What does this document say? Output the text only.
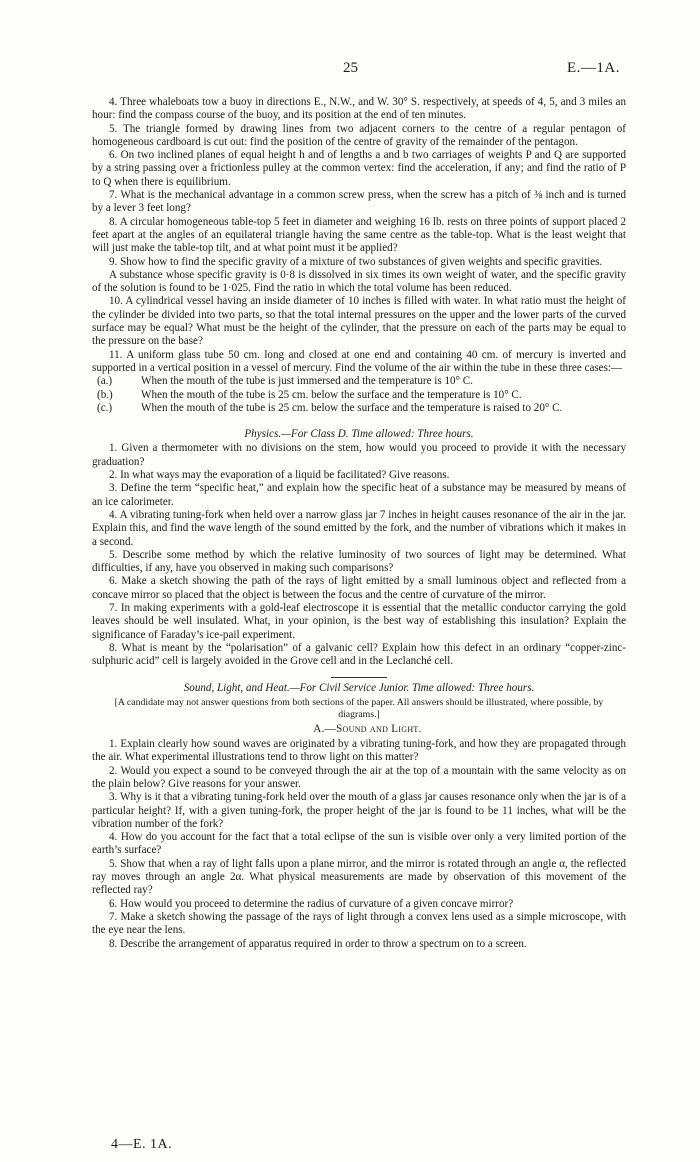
25	E.—1A.

4. Three whaleboats tow a buoy in directions E., N.W., and W. 30° S. respectively, at speeds of 4, 5, and 3 miles an hour: find the compass course of the buoy, and its position at the end of ten minutes.

5. The triangle formed by drawing lines from two adjacent corners to the centre of a regular pentagon of homogeneous cardboard is cut out: find the position of the centre of gravity of the remainder of the pentagon.

6. On two inclined planes of equal height h and of lengths a and b two carriages of weights P and Q are supported by a string passing over a frictionless pulley at the common vertex: find the acceleration, if any; and find the ratio of P to Q when there is equilibrium.

7. What is the mechanical advantage in a common screw press, when the screw has a pitch of ⅜ inch and is turned by a lever 3 feet long?

8. A circular homogeneous table-top 5 feet in diameter and weighing 16 lb. rests on three points of support placed 2 feet apart at the angles of an equilateral triangle having the same centre as the table-top. What is the least weight that will just make the table-top tilt, and at what point must it be applied?

9. Show how to find the specific gravity of a mixture of two substances of given weights and specific gravities.

A substance whose specific gravity is 0·8 is dissolved in six times its own weight of water, and the specific gravity of the solution is found to be 1·025. Find the ratio in which the total volume has been reduced.

10. A cylindrical vessel having an inside diameter of 10 inches is filled with water. In what ratio must the height of the cylinder be divided into two parts, so that the total internal pressures on the upper and the lower parts of the curved surface may be equal? What must be the height of the cylinder, that the pressure on each of the parts may be equal to the pressure on the base?

11. A uniform glass tube 50 cm. long and closed at one end and containing 40 cm. of mercury is inverted and supported in a vertical position in a vessel of mercury. Find the volume of the air within the tube in these three cases:—

(a.)	When the mouth of the tube is just immersed and the temperature is 10° C.

(b.)	When the mouth of the tube is 25 cm. below the surface and the temperature is 10° C.

(c.)	When the mouth of the tube is 25 cm. below the surface and the temperature is raised to 20° C.

Physics.—For Class D. Time allowed: Three hours.

1. Given a thermometer with no divisions on the stem, how would you proceed to provide it with the necessary graduation?

2. In what ways may the evaporation of a liquid be facilitated? Give reasons.

3. Define the term “specific heat,” and explain how the specific heat of a substance may be measured by means of an ice calorimeter.

4. A vibrating tuning-fork when held over a narrow glass jar 7 inches in height causes resonance of the air in the jar. Explain this, and find the wave length of the sound emitted by the fork, and the number of vibrations which it makes in a second.

5. Describe some method by which the relative luminosity of two sources of light may be determined. What difficulties, if any, have you observed in making such comparisons?

6. Make a sketch showing the path of the rays of light emitted by a small luminous object and reflected from a concave mirror so placed that the object is between the focus and the centre of curvature of the mirror.

7. In making experiments with a gold-leaf electroscope it is essential that the metallic conductor carrying the gold leaves should be well insulated. What, in your opinion, is the best way of establishing this insulation? Explain the significance of Faraday’s ice-pail experiment.

8. What is meant by the “polarisation” of a galvanic cell? Explain how this defect in an ordinary “copper-zinc-sulphuric acid” cell is largely avoided in the Grove cell and in the Leclanché cell.

Sound, Light, and Heat.—For Civil Service Junior. Time allowed: Three hours.

[A candidate may not answer questions from both sections of the paper. All answers should be illustrated, where possible, by diagrams.]

A.—Sound and Light.

1. Explain clearly how sound waves are originated by a vibrating tuning-fork, and how they are propagated through the air. What experimental illustrations tend to throw light on this matter?

2. Would you expect a sound to be conveyed through the air at the top of a mountain with the same velocity as on the plain below? Give reasons for your answer.

3. Why is it that a vibrating tuning-fork held over the mouth of a glass jar causes resonance only when the jar is of a particular height? If, with a given tuning-fork, the proper height of the jar is found to be 11 inches, what will be the vibration number of the fork?

4. How do you account for the fact that a total eclipse of the sun is visible over only a very limited portion of the earth’s surface?

5. Show that when a ray of light falls upon a plane mirror, and the mirror is rotated through an angle α, the reflected ray moves through an angle 2α. What physical measurements are made by observation of this movement of the reflected ray?

6. How would you proceed to determine the radius of curvature of a given concave mirror?

7. Make a sketch showing the passage of the rays of light through a convex lens used as a simple microscope, with the eye near the lens.

8. Describe the arrangement of apparatus required in order to throw a spectrum on to a screen.

4—E. 1A.
